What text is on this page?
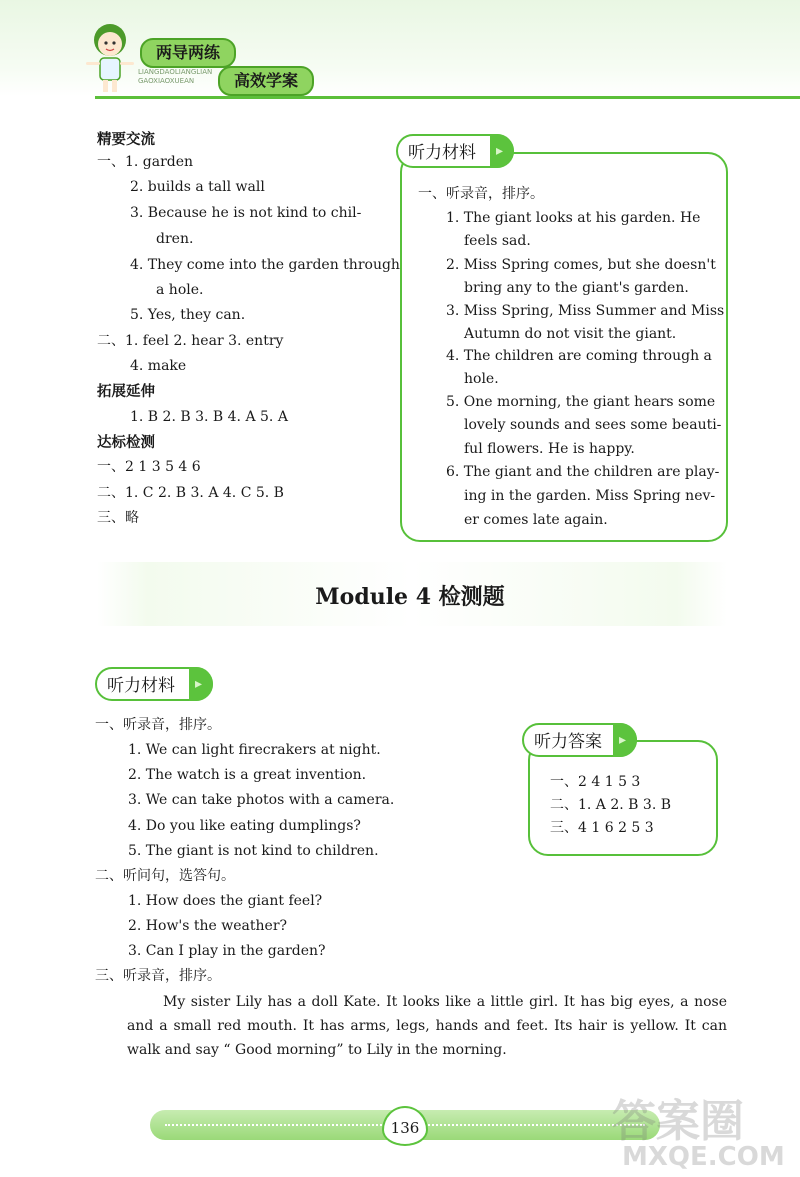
两导两练
LIANGDAOLIANGLIAN
GAOXIAOXUEAN	高效学案
精要交流
一、1. garden
2. builds a tall wall
3. Because he is not kind to chil-
dren.
4. They come into the garden through
a hole.
5. Yes, they can.
二、1. feel 2. hear 3. entry
4. make
拓展延伸
1. B 2. B 3. B 4. A 5. A
达标检测
一、2 1 3 5 4 6
二、1. C 2. B 3. A 4. C 5. B
三、略
听力材料
▸
一、听录音，排序。
1. The giant looks at his garden. He
feels sad.
2. Miss Spring comes, but she doesn't
bring any to the giant's garden.
3. Miss Spring, Miss Summer and Miss
Autumn do not visit the giant.
4. The children are coming through a
hole.
5. One morning, the giant hears some
lovely sounds and sees some beauti-
ful flowers. He is happy.
6. The giant and the children are play-
ing in the garden. Miss Spring nev-
er comes late again.
Module 4 检测题
听力材料
▸
一、听录音，排序。
1. We can light firecrakers at night.
2. The watch is a great invention.
3. We can take photos with a camera.
4. Do you like eating dumplings?
5. The giant is not kind to children.
二、听问句，选答句。
1. How does the giant feel?
2. How's the weather?
3. Can I play in the garden?
三、听录音，排序。
My sister Lily has a doll Kate. It looks like a little girl. It has big eyes, a nose and a small red mouth. It has arms, legs, hands and feet. Its hair is yellow. It can walk and say “ Good morning” to Lily in the morning.
听力答案
▸
一、2 4 1 5 3
二、1. A 2. B 3. B
三、4 1 6 2 5 3
136	答案圈
MXQE.COM
